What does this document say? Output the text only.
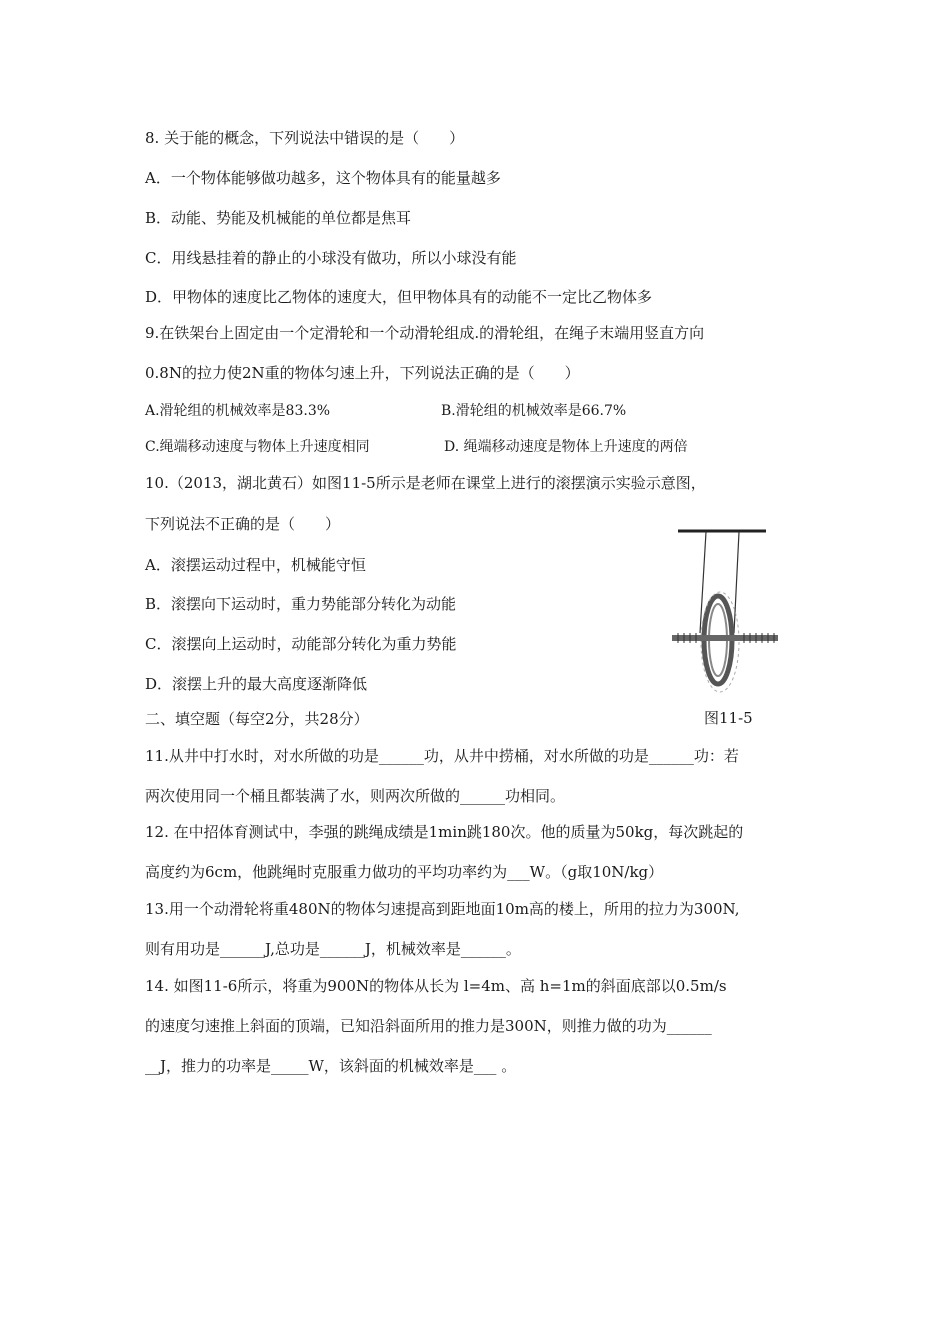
8. 关于能的概念，下列说法中错误的是（　　）
A．一个物体能够做功越多，这个物体具有的能量越多
B．动能、势能及机械能的单位都是焦耳
C．用线悬挂着的静止的小球没有做功，所以小球没有能
D．甲物体的速度比乙物体的速度大，但甲物体具有的动能不一定比乙物体多
9.在铁架台上固定由一个定滑轮和一个动滑轮组成.的滑轮组，在绳子末端用竖直方向
0.8N的拉力使2N重的物体匀速上升，下列说法正确的是（　　）
A.滑轮组的机械效率是83.3%	B.滑轮组的机械效率是66.7%
C.绳端移动速度与物体上升速度相同	D. 绳端移动速度是物体上升速度的两倍
10.（2013，湖北黄石）如图11-5所示是老师在课堂上进行的滚摆演示实验示意图，
下列说法不正确的是（　　）
A．滚摆运动过程中，机械能守恒
B．滚摆向下运动时，重力势能部分转化为动能
C．滚摆向上运动时，动能部分转化为重力势能
D．滚摆上升的最大高度逐渐降低
图11-5
二、填空题（每空2分，共28分）
11.从井中打水时，对水所做的功是______功，从井中捞桶，对水所做的功是______功：若
两次使用同一个桶且都装满了水，则两次所做的______功相同。
12. 在中招体育测试中，李强的跳绳成绩是1min跳180次。他的质量为50kg，每次跳起的
高度约为6cm，他跳绳时克服重力做功的平均功率约为___W。（g取10N/kg）
13.用一个动滑轮将重480N的物体匀速提高到距地面10m高的楼上，所用的拉力为300N,
则有用功是______J,总功是______J，机械效率是______。
14. 如图11-6所示，将重为900N的物体从长为 l=4m、高 h=1m的斜面底部以0.5m/s
的速度匀速推上斜面的顶端，已知沿斜面所用的推力是300N，则推力做的功为______
__J，推力的功率是_____W，该斜面的机械效率是___ 。
